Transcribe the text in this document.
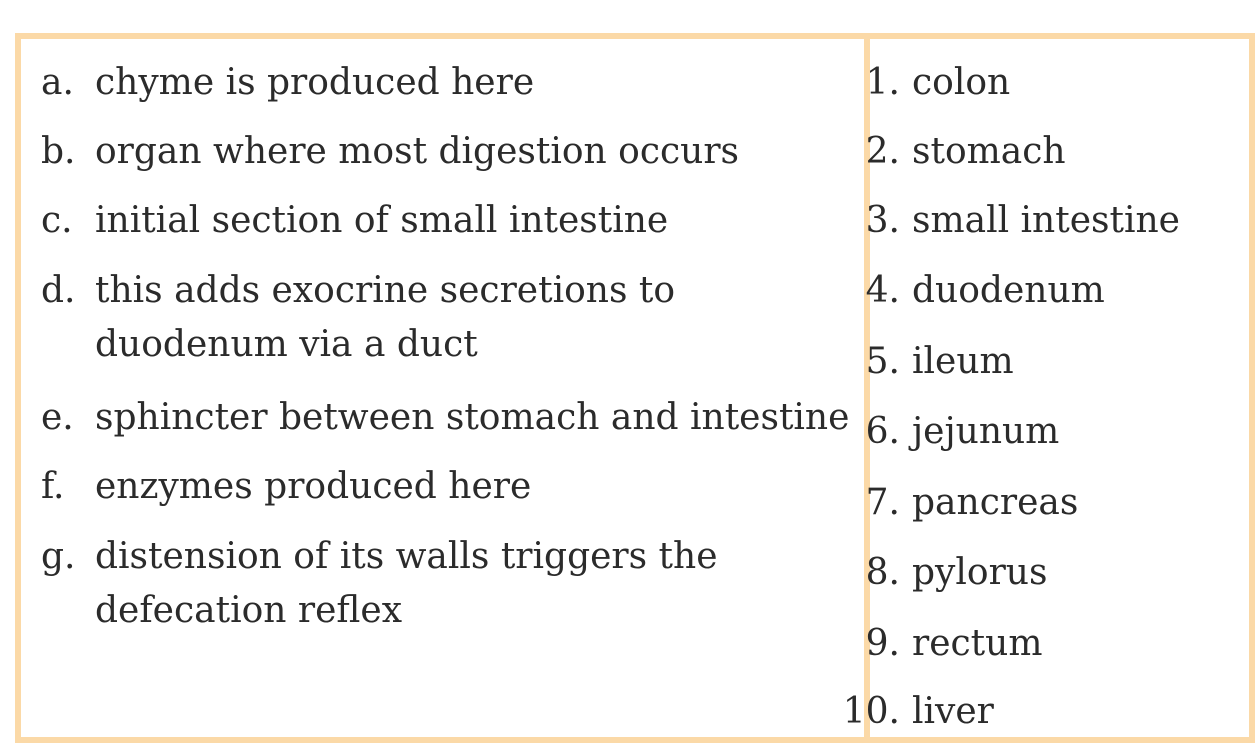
a. chyme is produced here
b. organ where most digestion occurs
c. initial section of small intestine
d. this adds exocrine secretions to duodenum via a duct
e. sphincter between stomach and intestine
f. enzymes produced here
g. distension of its walls triggers the defecation reflex
1. colon
2. stomach
3. small intestine
4. duodenum
5. ileum
6. jejunum
7. pancreas
8. pylorus
9. rectum
10. liver
